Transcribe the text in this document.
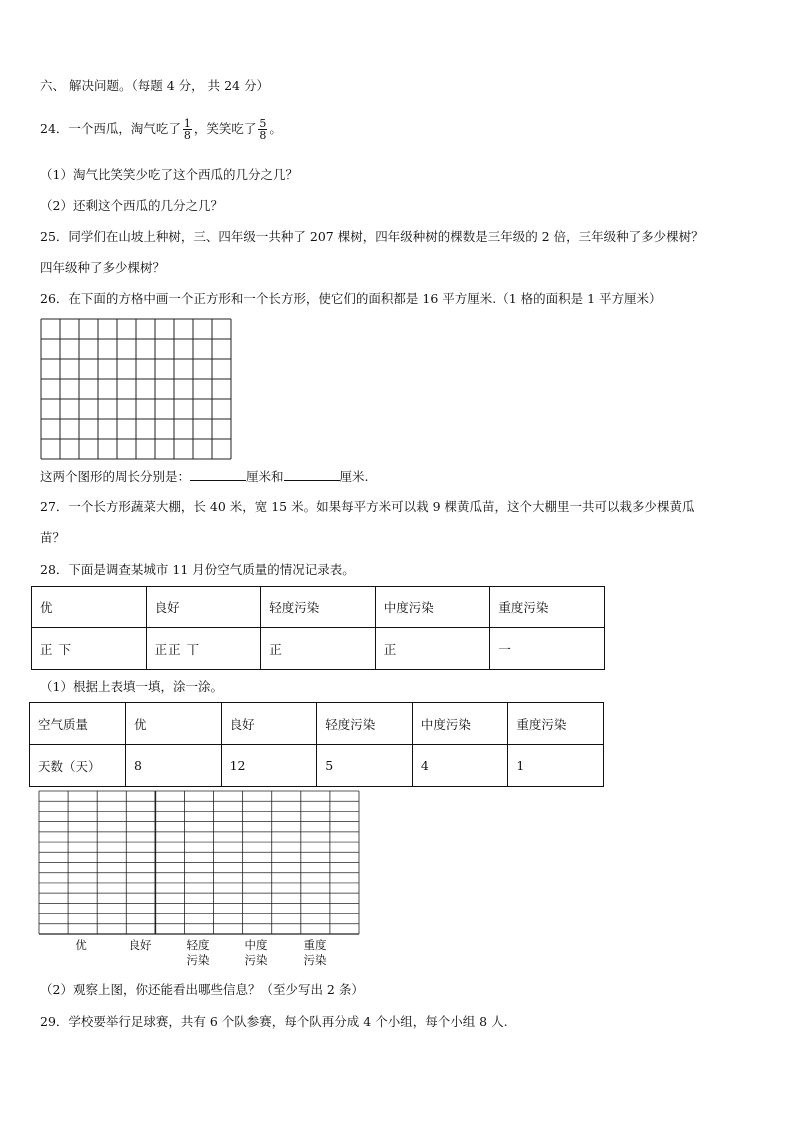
六、 解决问题。（每题 4 分， 共 24 分）
24．一个西瓜，淘气吃了 $\frac{1}{8}$ ，笑笑吃了 $\frac{5}{8}$ 。
（1）淘气比笑笑少吃了这个西瓜的几分之几？
（2）还剩这个西瓜的几分之几？
25．同学们在山坡上种树，三、四年级一共种了 207 棵树，四年级种树的棵数是三年级的 2 倍，三年级种了多少棵树？
四年级种了多少棵树？
26．在下面的方格中画一个正方形和一个长方形，使它们的面积都是 16 平方厘米.（1 格的面积是 1 平方厘米）
这两个图形的周长分别是：	厘米和	厘米.
27．一个长方形蔬菜大棚，长 40 米，宽 15 米。如果每平方米可以栽 9 棵黄瓜苗，这个大棚里一共可以栽多少棵黄瓜
苗？
28．下面是调查某城市 11 月份空气质量的情况记录表。
优	良好	轻度污染	中度污染	重度污染
正 下	正正 丅	正	正	一
（1）根据上表填一填，涂一涂。
空气质量	优	良好	轻度污染	中度污染	重度污染
天数（天）	8	12	5	4	1
优	良好	轻度
污染
中度
污染
重度
污染
（2）观察上图，你还能看出哪些信息？（至少写出 2 条）
29．学校要举行足球赛，共有 6 个队参赛，每个队再分成 4 个小组，每个小组 8 人.
